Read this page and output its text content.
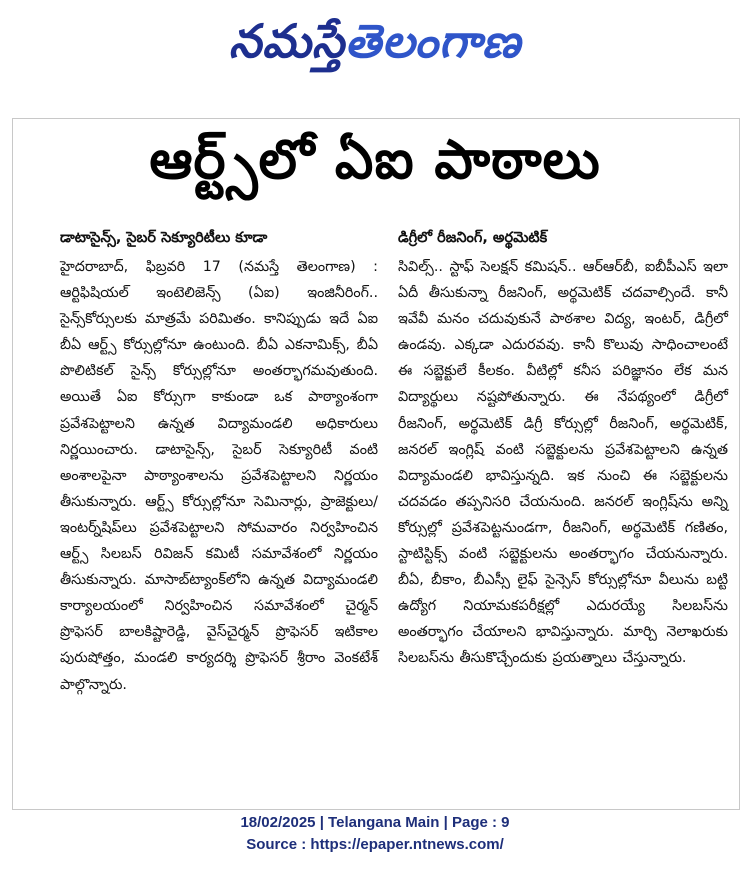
నమస్తేతెలంగాణ
ఆర్ట్స్‌లో ఏఐ పాఠాలు
డాటాసైన్స్‌, సైబర్‌ సెక్యూరిటీలు కూడా

హైదరాబాద్‌, ఫిబ్రవరి 17 (నమస్తే తెలంగాణ) : ఆర్టిఫిషియల్‌ ఇంటెలిజెన్స్‌ (ఏఐ) ఇంజినీరింగ్‌.. సైన్స్‌కోర్సులకు మాత్రమే పరిమితం. కానిప్పుడు ఇదే ఏఐ బీఏ ఆర్ట్స్‌ కోర్సుల్లోనూ ఉంటుంది. బీఏ ఎకనామిక్స్‌, బీఏ పొలిటికల్‌ సైన్స్‌ కోర్సుల్లోనూ అంతర్భాగమవుతుంది. అయితే ఏఐ కోర్సుగా కాకుండా ఒక పాఠ్యాంశంగా ప్రవేశపెట్టాలని ఉన్నత విద్యామండలి అధికారులు నిర్ణయించారు. డాటాసైన్స్‌, సైబర్‌ సెక్యూరిటీ వంటి అంశాలపైనా పాఠ్యాంశాలను ప్రవేశపెట్టాలని నిర్ణయం తీసుకున్నారు. ఆర్ట్స్‌ కోర్సుల్లోనూ సెమినార్లు, ప్రాజెక్టులు/ ఇంటర్న్‌షిప్‌లు ప్రవేశపెట్టాలని సోమవారం నిర్వహించిన ఆర్ట్స్‌ సిలబస్‌ రివిజన్‌ కమిటీ సమావేశంలో నిర్ణయం తీసుకున్నారు. మాసాబ్‌ట్యాంక్‌లోని ఉన్నత విద్యామండలి కార్యాలయంలో నిర్వహించిన సమావేశంలో చైర్మన్‌ ప్రొఫెసర్‌ బాలకిష్టారెడ్డి, వైస్‌చైర్మన్‌ ప్రొఫెసర్‌ ఇటికాల పురుషోత్తం, మండలి కార్యదర్శి ప్రొఫెసర్‌ శ్రీరాం వెంకటేశ్‌ పాల్గొన్నారు.

డిగ్రీలో రీజనింగ్‌, అర్థమెటిక్‌

సివిల్స్‌.. స్టాఫ్‌ సెలక్షన్‌ కమిషన్‌.. ఆర్‌ఆర్‌బీ, ఐబీపీఎస్‌ ఇలా ఏదీ తీసుకున్నా రీజనింగ్‌, అర్థమెటిక్‌ చదవాల్సిందే. కానీ ఇవేవీ మనం చదువుకునే పాఠశాల విద్య, ఇంటర్‌, డిగ్రీలో ఉండవు. ఎక్కడా ఎదురవవు. కానీ కొలువు సాధించాలంటే ఈ సబ్జెక్టులే కీలకం. వీటిల్లో కనీస పరిజ్ఞానం లేక మన విద్యార్థులు నష్టపోతున్నారు. ఈ నేపథ్యంలో డిగ్రీలో రీజనింగ్‌, అర్థమెటిక్‌ డిగ్రీ కోర్సుల్లో రీజనింగ్‌, అర్థమెటిక్‌, జనరల్‌ ఇంగ్లిష్‌ వంటి సబ్జెక్టులను ప్రవేశపెట్టాలని ఉన్నత విద్యామండలి భావిస్తున్నది. ఇక నుంచి ఈ సబ్జెక్టులను చదవడం తప్పనిసరి చేయనుంది. జనరల్‌ ఇంగ్లిష్‌ను అన్ని కోర్సుల్లో ప్రవేశపెట్టనుండగా, రీజనింగ్‌, అర్థమెటిక్‌ గణితం, స్టాటిస్టిక్స్‌ వంటి సబ్జెక్టులను అంతర్భాగం చేయనున్నారు. బీఏ, బీకాం, బీఎస్సీ లైఫ్‌ సైన్సెస్‌ కోర్సుల్లోనూ వీలును బట్టి ఉద్యోగ నియామకపరీక్షల్లో ఎదురయ్యే సిలబస్‌ను అంతర్భాగం చేయాలని భావిస్తున్నారు. మార్చి నెలాఖరుకు సిలబస్‌ను తీసుకొచ్చేందుకు ప్రయత్నాలు చేస్తున్నారు.

18/02/2025 | Telangana Main | Page : 9
Source : https://epaper.ntnews.com/
